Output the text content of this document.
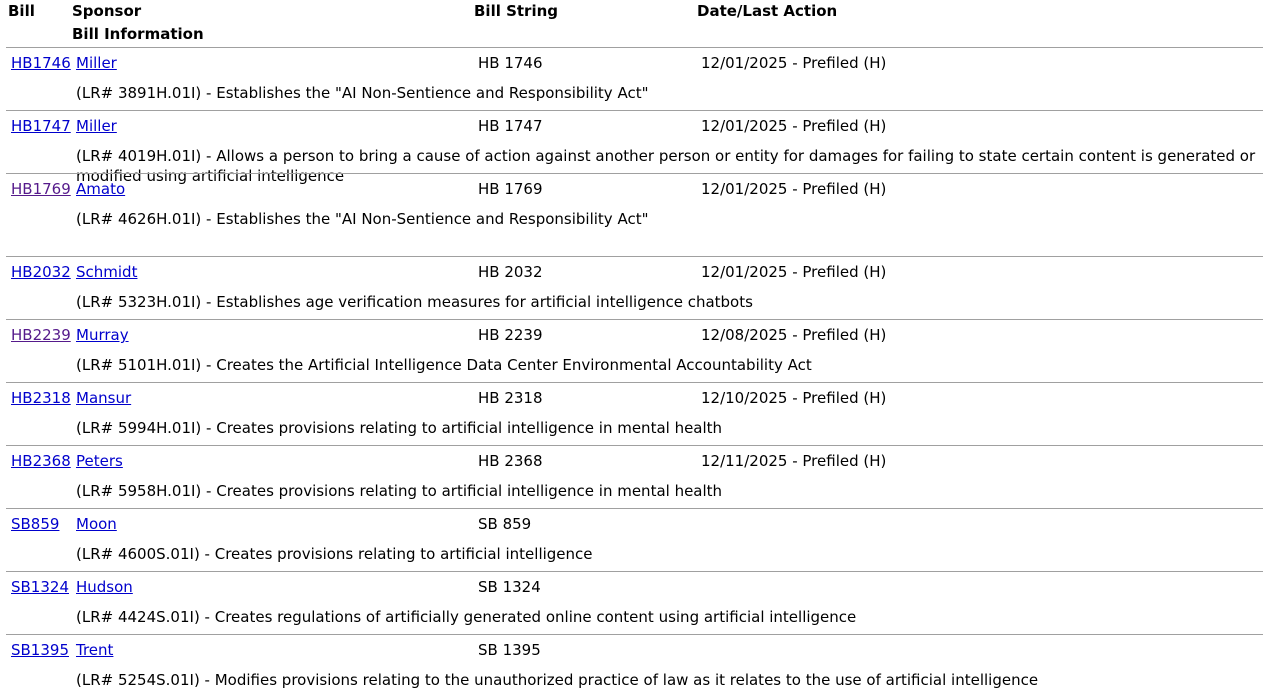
Bill Sponsor
Bill Information
Bill String	Date/Last Action
HB1746 Miller	HB 1746	12/01/2025 - Prefiled (H)
(LR# 3891H.01I) - Establishes the "AI Non-Sentience and Responsibility Act"
HB1747 Miller	HB 1747	12/01/2025 - Prefiled (H)
(LR# 4019H.01I) - Allows a person to bring a cause of action against another person or entity for damages for failing to state certain content is generated or modified using artificial intelligence
HB1769 Amato	HB 1769	12/01/2025 - Prefiled (H)
(LR# 4626H.01I) - Establishes the "AI Non-Sentience and Responsibility Act"
HB2032 Schmidt	HB 2032	12/01/2025 - Prefiled (H)
(LR# 5323H.01I) - Establishes age verification measures for artificial intelligence chatbots
HB2239 Murray	HB 2239	12/08/2025 - Prefiled (H)
(LR# 5101H.01I) - Creates the Artificial Intelligence Data Center Environmental Accountability Act
HB2318 Mansur	HB 2318	12/10/2025 - Prefiled (H)
(LR# 5994H.01I) - Creates provisions relating to artificial intelligence in mental health
HB2368 Peters	HB 2368	12/11/2025 - Prefiled (H)
(LR# 5958H.01I) - Creates provisions relating to artificial intelligence in mental health
SB859 Moon	SB 859
(LR# 4600S.01I) - Creates provisions relating to artificial intelligence
SB1324 Hudson	SB 1324
(LR# 4424S.01I) - Creates regulations of artificially generated online content using artificial intelligence
SB1395 Trent	SB 1395
(LR# 5254S.01I) - Modifies provisions relating to the unauthorized practice of law as it relates to the use of artificial intelligence
